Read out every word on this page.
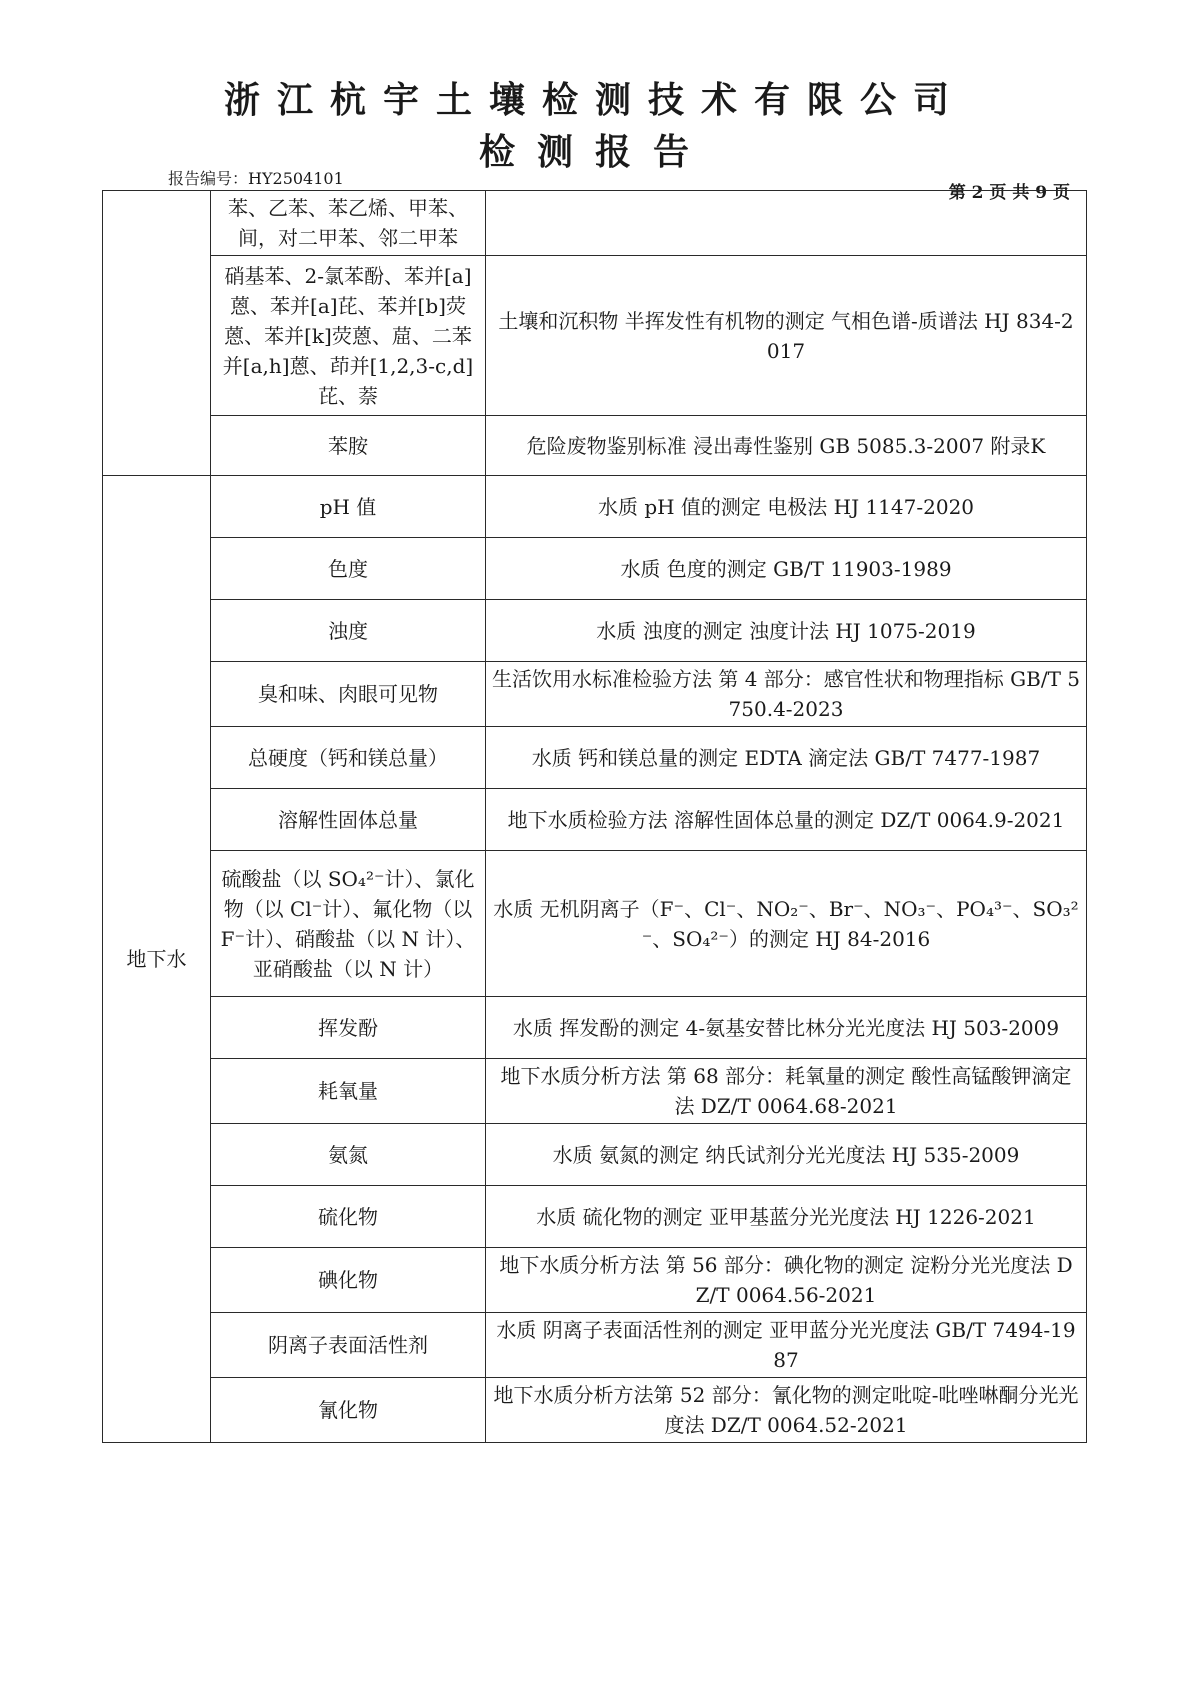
浙江杭宇土壤检测技术有限公司
检测报告
报告编号：HY2504101
第 2 页 共 9 页
	苯、乙苯、苯乙烯、甲苯、间，对二甲苯、邻二甲苯	
	硝基苯、2-氯苯酚、苯并[a]蒽、苯并[a]芘、苯并[b]荧蒽、苯并[k]荧蒽、䓛、二苯并[a,h]蒽、茚并[1,2,3-c,d]芘、萘	土壤和沉积物 半挥发性有机物的测定 气相色谱-质谱法 HJ 834-2017
	苯胺	危险废物鉴别标准 浸出毒性鉴别 GB 5085.3-2007 附录K
地下水	pH 值	水质 pH 值的测定 电极法 HJ 1147-2020
	色度	水质 色度的测定 GB/T 11903-1989
	浊度	水质 浊度的测定 浊度计法 HJ 1075-2019
	臭和味、肉眼可见物	生活饮用水标准检验方法 第 4 部分：感官性状和物理指标 GB/T 5750.4-2023
	总硬度（钙和镁总量）	水质 钙和镁总量的测定 EDTA 滴定法 GB/T 7477-1987
	溶解性固体总量	地下水质检验方法 溶解性固体总量的测定 DZ/T 0064.9-2021
	硫酸盐（以 SO₄²⁻计）、氯化物（以 Cl⁻计）、氟化物（以 F⁻计）、硝酸盐（以 N 计）、亚硝酸盐（以 N 计）	水质 无机阴离子（F⁻、Cl⁻、NO₂⁻、Br⁻、NO₃⁻、PO₄³⁻、SO₃²⁻、SO₄²⁻）的测定 HJ 84-2016
	挥发酚	水质 挥发酚的测定 4-氨基安替比林分光光度法 HJ 503-2009
	耗氧量	地下水质分析方法 第 68 部分：耗氧量的测定 酸性高锰酸钾滴定法 DZ/T 0064.68-2021
	氨氮	水质 氨氮的测定 纳氏试剂分光光度法 HJ 535-2009
	硫化物	水质 硫化物的测定 亚甲基蓝分光光度法 HJ 1226-2021
	碘化物	地下水质分析方法 第 56 部分：碘化物的测定 淀粉分光光度法 DZ/T 0064.56-2021
	阴离子表面活性剂	水质 阴离子表面活性剂的测定 亚甲蓝分光光度法 GB/T 7494-1987
	氰化物	地下水质分析方法第 52 部分：氰化物的测定吡啶-吡唑啉酮分光光度法 DZ/T 0064.52-2021
